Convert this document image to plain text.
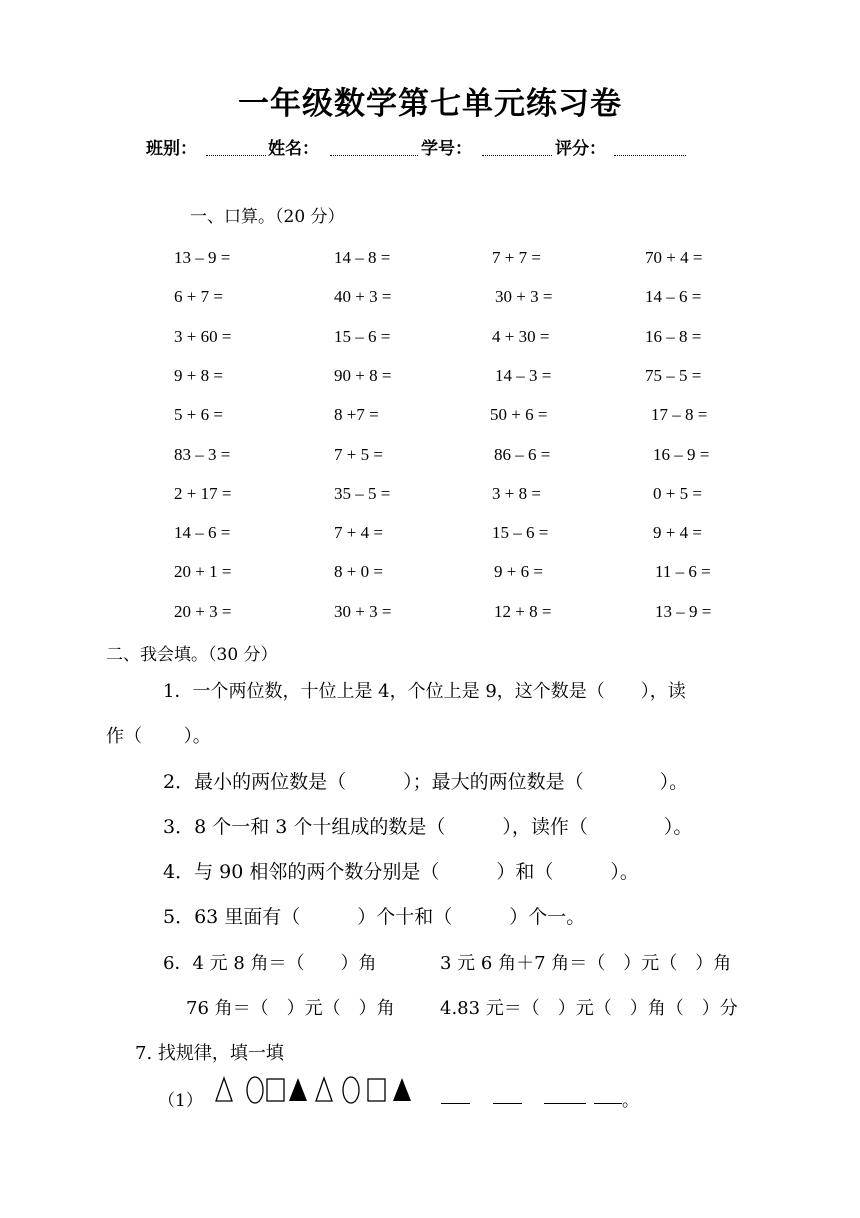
一年级数学第七单元练习卷
班别：	姓名：	学号：	评分：
一、口算。（20 分）
13 – 9 =	14 – 8 =	7 + 7 =	70 + 4 =
6 + 7 =	40 + 3 =	30 + 3 =	14 – 6 =
3 + 60 =	15 – 6 =	4 + 30 =	16 – 8 =
9 + 8 =	90 + 8 =	14 – 3 =	75 – 5 =
5 + 6 =	8 +7 =	50 + 6 =	17 – 8 =
83 – 3 =	7 + 5 =	86 – 6 =	16 – 9 =
2 + 17 =	35 – 5 =	3 + 8 =	0 + 5 =
14 – 6 =	7 + 4 =	15 – 6 =	9 + 4 =
20 + 1 =	8 + 0 =	9 + 6 =	11 – 6 =
20 + 3 =	30 + 3 =	12 + 8 =	13 – 9 =
二、我会填。（30 分）
1．一个两位数，十位上是 4，个位上是 9，这个数是（　　），读
作（　　 ）。
2．最小的两位数是（　　　）；最大的两位数是（　　　　）。
3．8 个一和 3 个十组成的数是（　　　），读作（　　　　）。
4．与 90 相邻的两个数分别是（　　　）和（　　　）。
5．63 里面有（　　　）个十和（　　　）个一。
6．4 元 8 角＝（　　）角	3 元 6 角＋7 角＝（　）元（　）角
76 角＝（　）元（　）角	4.83 元＝（　）元（　）角（　）分
7. 找规律，填一填
（1）	。
